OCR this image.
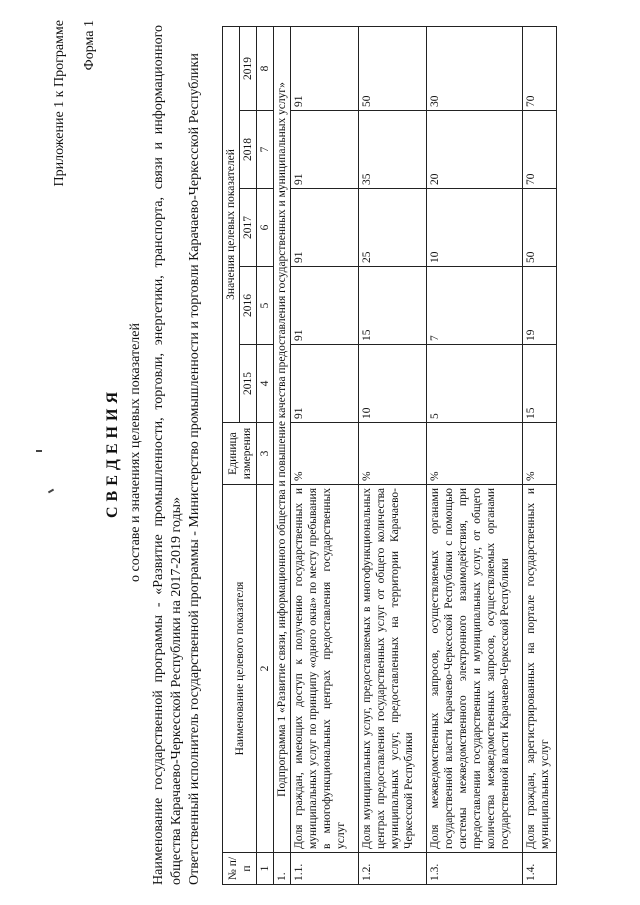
Приложение 1 к Программе Форма 1
СВЕДЕНИЯ о составе и значениях целевых показателей Наименование государственной программы - «Развитие промышленности, торговли, энергетики, транспорта, связи и информационного общества Карачаево-Черкесской Республики на 2017-2019 годы» Ответственный исполнитель государственной программы - Министерство промышленности и торговли Карачаево-Черкесской Республики № п/п	Наименование целевого показателя	Единица измерения	Значения целевых показателей				
			2015	2016	2017	2018	2019
1	2	3	4	5	6	7	8
1.	Подпрограмма 1 «Развитие связи, информационного общества и повышение качества предоставления государственных и муниципальных услуг»						
1.1.	Доля граждан, имеющих доступ к получению государственных и муниципальных услуг по принципу «одного окна» по месту пребывания в многофункциональных центрах предоставления государственных услуг	%	91	91	91	91	91
1.2.	Доля муниципальных услуг, предоставляемых в многофункциональных центрах предоставления государственных услуг от общего количества муниципальных услуг, предоставленных на территории Карачаево-Черкесской Республики	%	10	15	25	35	50
1.3.	Доля межведомственных запросов, осуществляемых органами государственной власти Карачаево-Черкесской Республики с помощью системы межведомственного электронного взаимодействия, при предоставлении государственных и муниципальных услуг, от общего количества межведомственных запросов, осуществляемых органами государственной власти Карачаево-Черкесской Республики	%	5	7	10	20	30
1.4.	Доля граждан, зарегистрированных на портале государственных и муниципальных услуг	%	15	19	50	70	70
